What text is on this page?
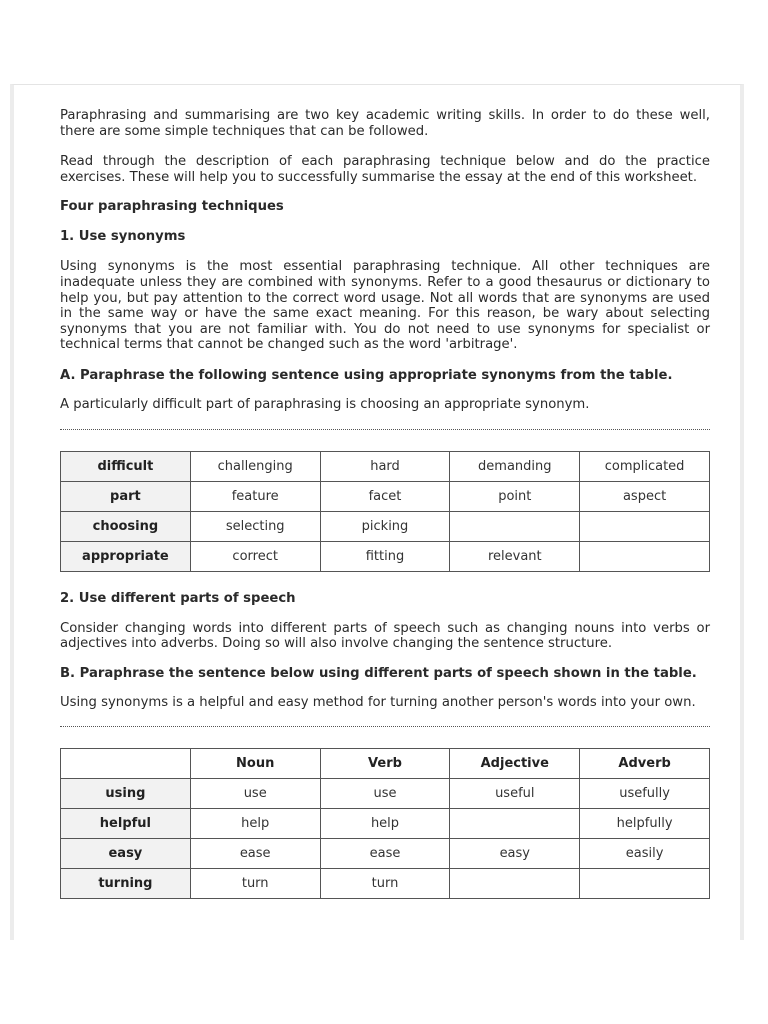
Paraphrasing and summarising are two key academic writing skills. In order to do these well, there are some simple techniques that can be followed.

Read through the description of each paraphrasing technique below and do the practice exercises. These will help you to successfully summarise the essay at the end of this worksheet.

Four paraphrasing techniques
1. Use synonyms

Using synonyms is the most essential paraphrasing technique. All other techniques are inadequate unless they are combined with synonyms. Refer to a good thesaurus or dictionary to help you, but pay attention to the correct word usage. Not all words that are synonyms are used in the same way or have the same exact meaning. For this reason, be wary about selecting synonyms that you are not familiar with. You do not need to use synonyms for specialist or technical terms that cannot be changed such as the word 'arbitrage'.

A. Paraphrase the following sentence using appropriate synonyms from the table.

A particularly difficult part of paraphrasing is choosing an appropriate synonym.

difficult	challenging	hard	demanding	complicated
part	feature	facet	point	aspect
choosing	selecting	picking		
appropriate	correct	fitting	relevant	
2. Use different parts of speech

Consider changing words into different parts of speech such as changing nouns into verbs or adjectives into adverbs. Doing so will also involve changing the sentence structure.

B. Paraphrase the sentence below using different parts of speech shown in the table.

Using synonyms is a helpful and easy method for turning another person's words into your own.

	Noun	Verb	Adjective	Adverb
using	use	use	useful	usefully
helpful	help	help		helpfully
easy	ease	ease	easy	easily
turning	turn	turn		
